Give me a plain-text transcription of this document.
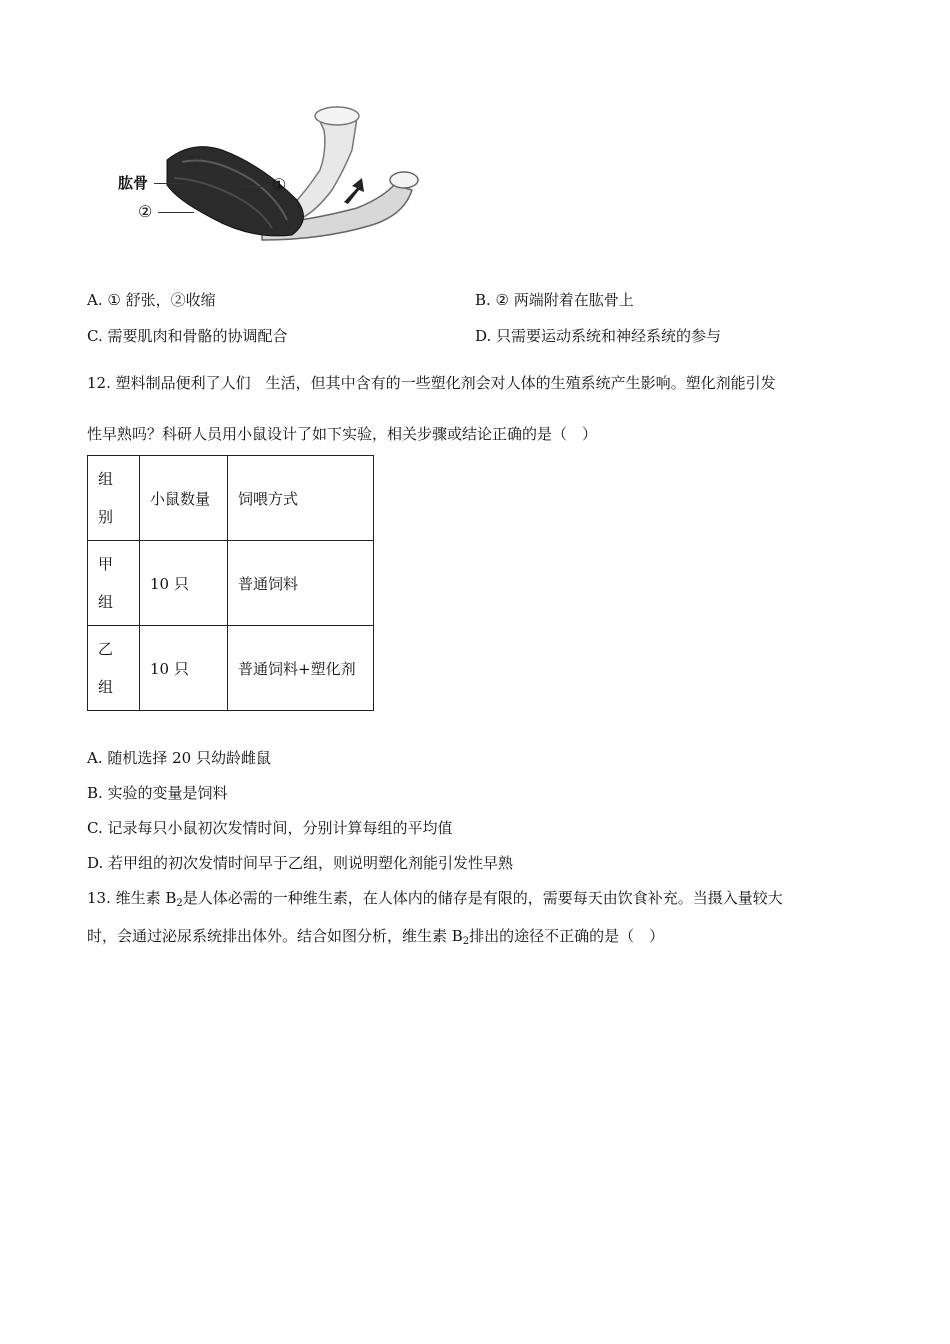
肱骨	①
②
A. ① 舒张，②收缩	B. ② 两端附着在肱骨上
C. 需要肌肉和骨骼的协调配合	D. 只需要运动系统和神经系统的参与
12. 塑料制品便利了人们　生活，但其中含有的一些塑化剂会对人体的生殖系统产生影响。塑化剂能引发
性早熟吗？科研人员用小鼠设计了如下实验，相关步骤或结论正确的是（　）
组
别	小鼠数量	饲喂方式

甲
组	10 只	普通饲料

乙
组	10 只	普通饲料+塑化剂
A. 随机选择 20 只幼龄雌鼠
B. 实验的变量是饲料
C. 记录每只小鼠初次发情时间，分别计算每组的平均值
D. 若甲组的初次发情时间早于乙组，则说明塑化剂能引发性早熟
13. 维生素 $B_2$是人体必需的一种维生素，在人体内的储存是有限的，需要每天由饮食补充。当摄入量较大
时，会通过泌尿系统排出体外。结合如图分析，维生素 $B_2$排出的途径不正确的是（　）
